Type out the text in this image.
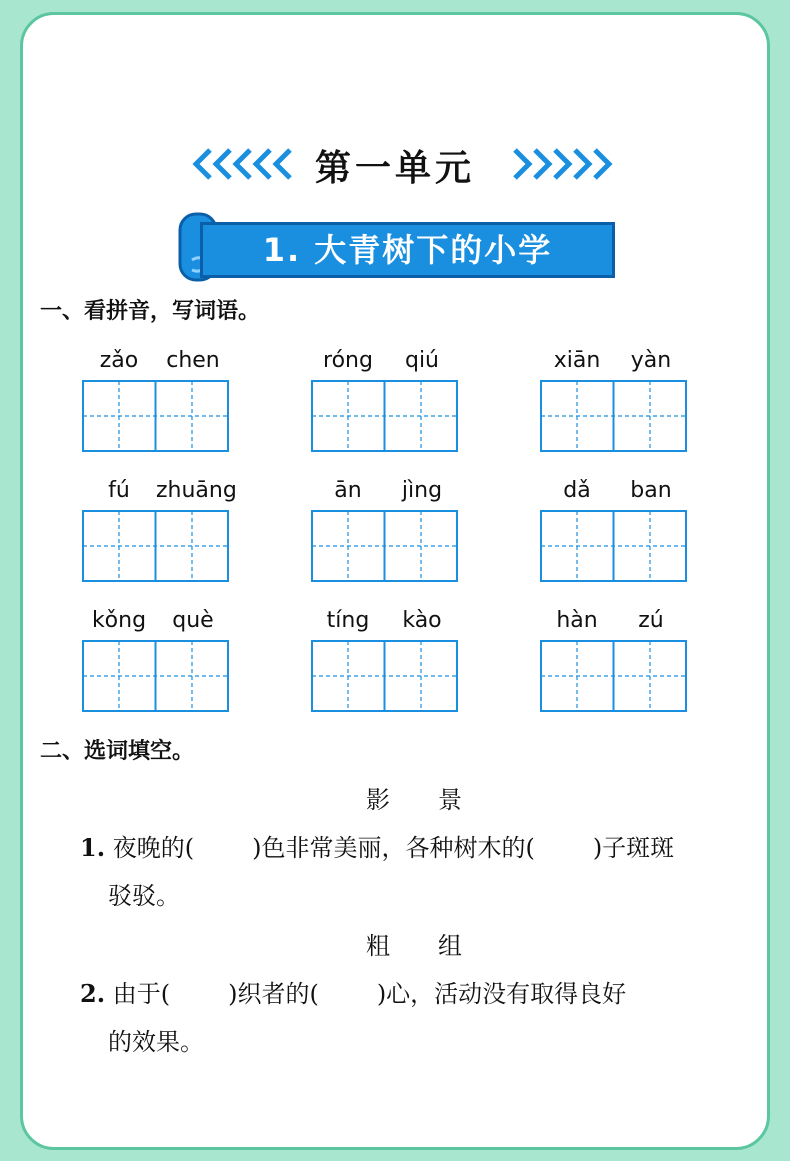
第一单元
1. 大青树下的小学
一、看拼音，写词语。
zǎo	chen	róng	qiú	xiān	yàn
fú	zhuāng	ān	jìng	dǎ	ban
kǒng	què	tíng	kào	hàn	zú
二、选词填空。
影　景
1. 夜晚的( )色非常美丽，各种树木的( )子斑斑
驳驳。
粗　组
2. 由于( )织者的( )心，活动没有取得良好
的效果。
